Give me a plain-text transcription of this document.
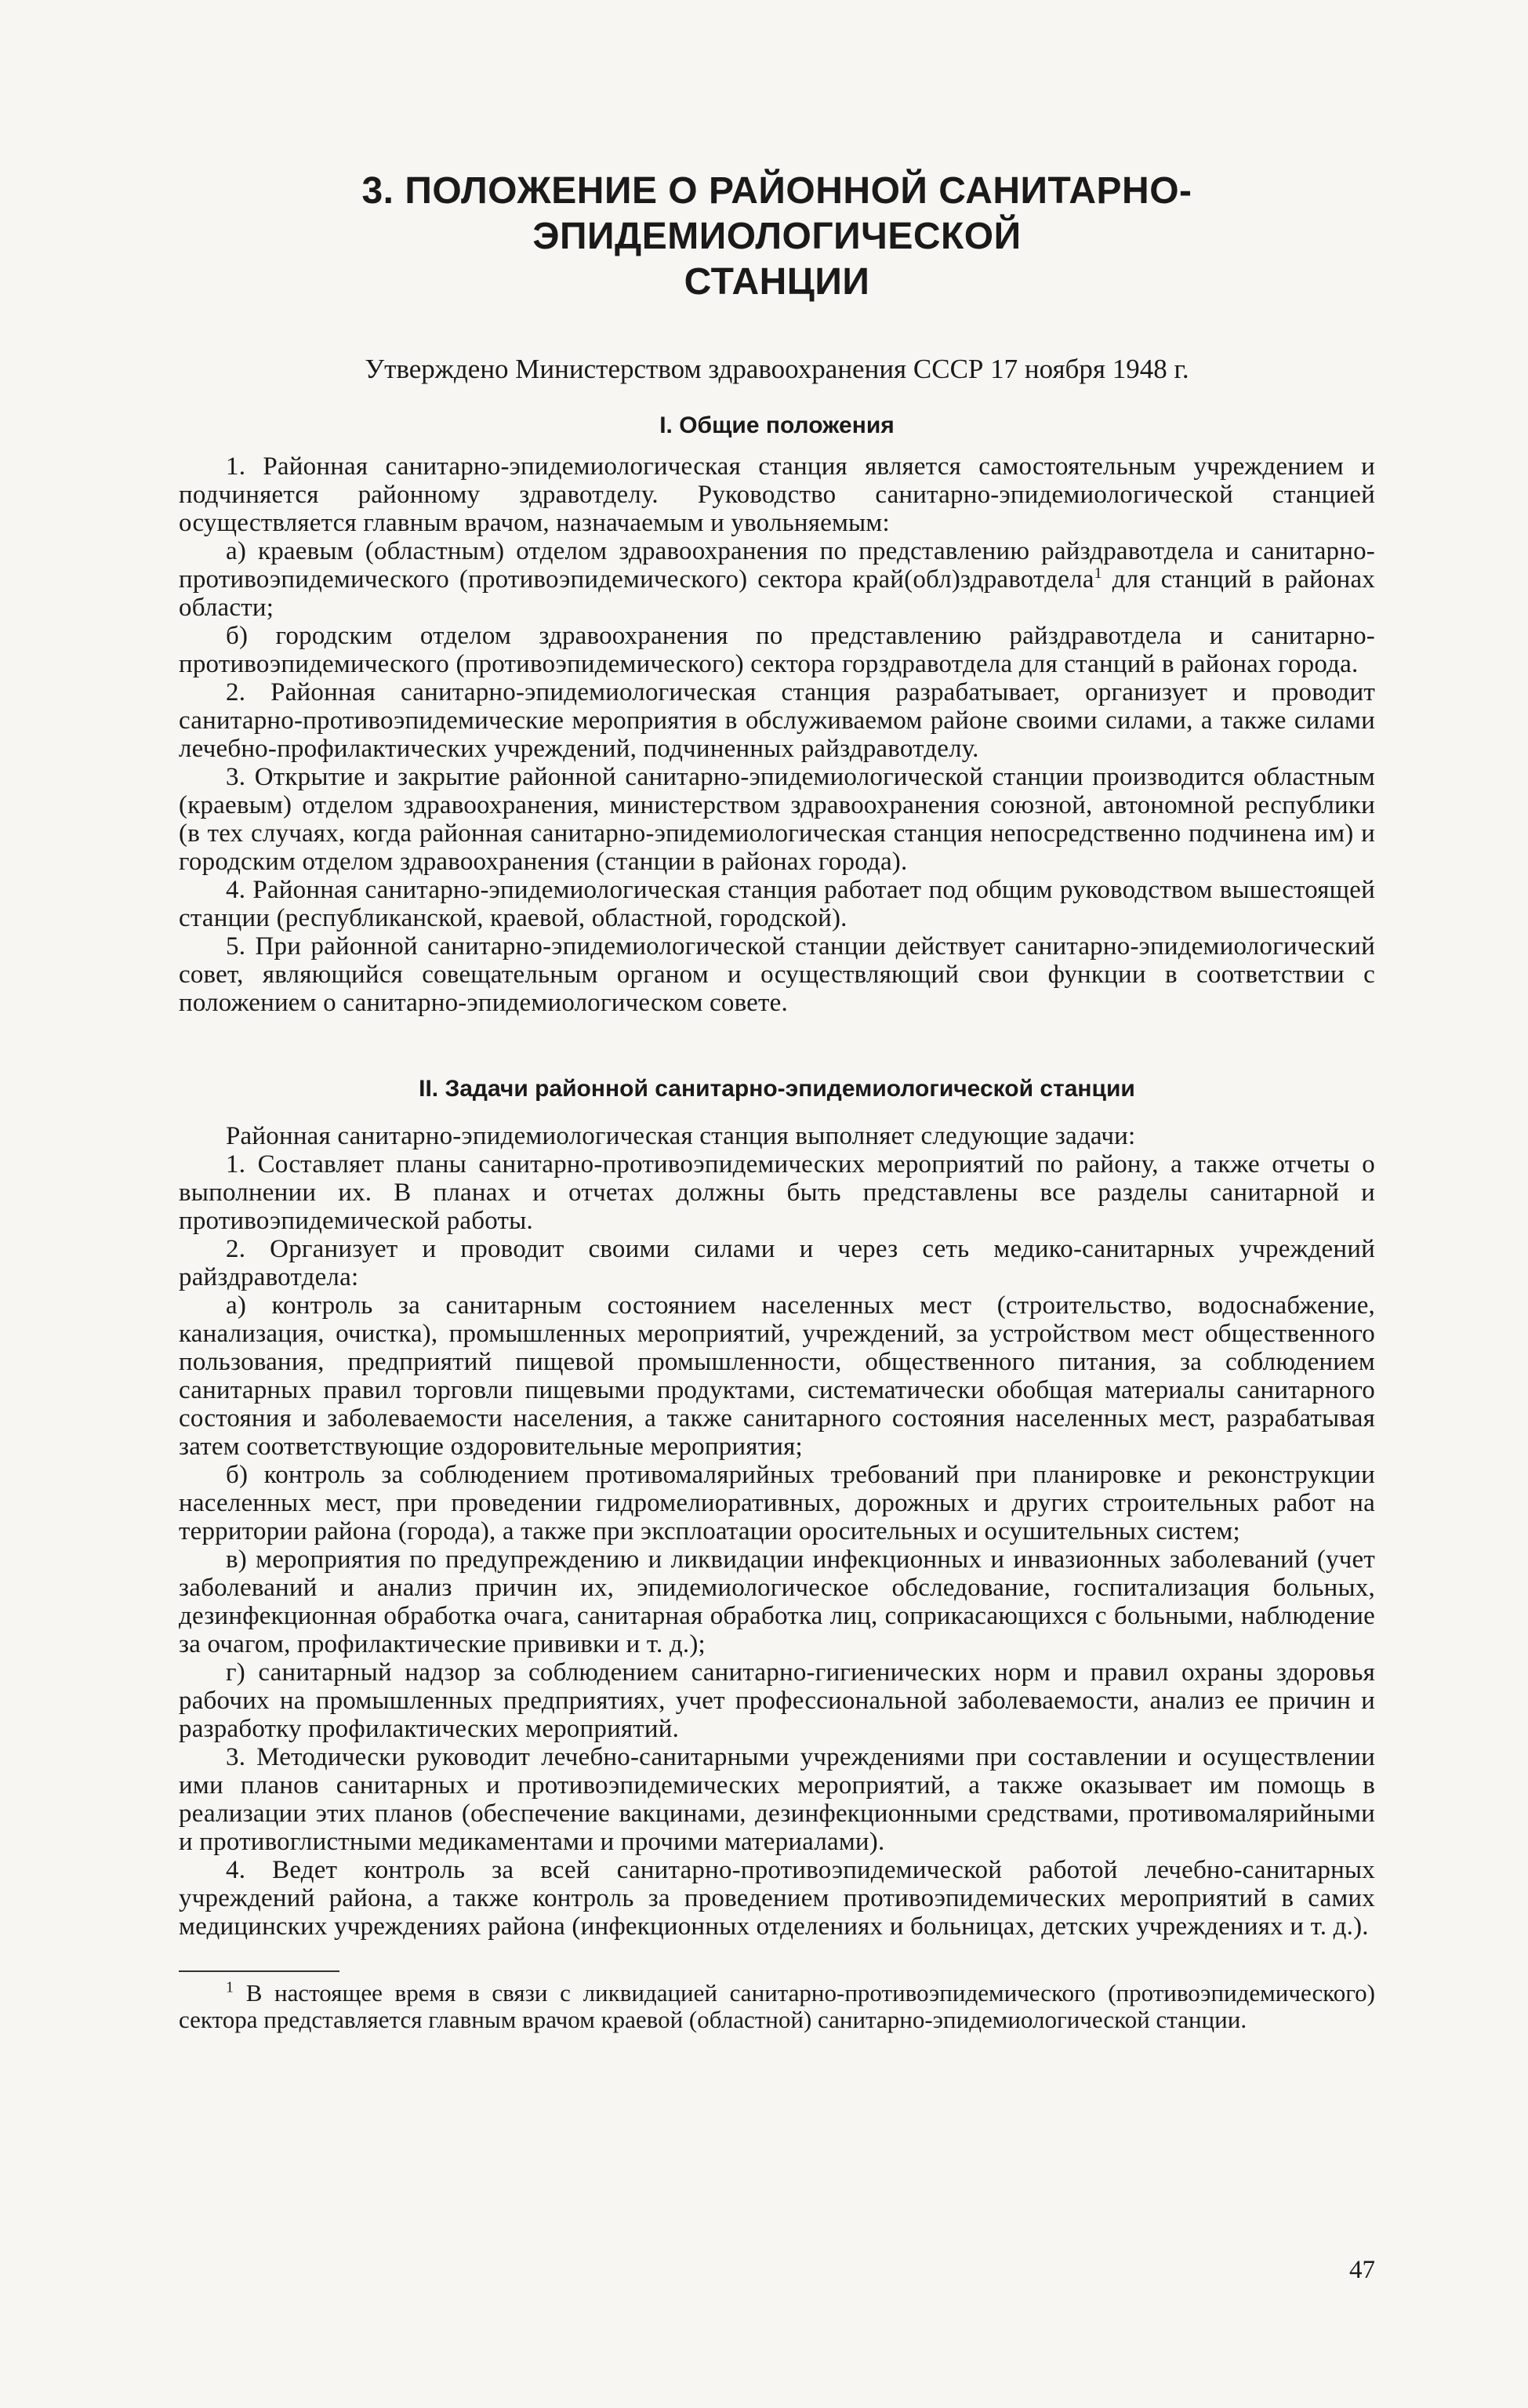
3. ПОЛОЖЕНИЕ О РАЙОННОЙ САНИТАРНО-ЭПИДЕМИОЛОГИЧЕСКОЙ
СТАНЦИИ

Утверждено Министерством здравоохранения СССР 17 ноября 1948 г.

I. Общие положения

1. Районная санитарно-эпидемиологическая станция является самостоятельным учреждением и подчиняется районному здравотделу. Руководство санитарно-эпидемиологической станцией осуществляется главным врачом, назначаемым и увольняемым:

а) краевым (областным) отделом здравоохранения по представлению райздравотдела и санитарно-противоэпидемического (противоэпидемического) сектора край(обл)здравотдела$^1$ для станций в районах области;

б) городским отделом здравоохранения по представлению райздравотдела и санитарно-противоэпидемического (противоэпидемического) сектора горздравотдела для станций в районах города.

2. Районная санитарно-эпидемиологическая станция разрабатывает, организует и проводит санитарно-противоэпидемические мероприятия в обслуживаемом районе своими силами, а также силами лечебно-профилактических учреждений, подчиненных райздравотделу.

3. Открытие и закрытие районной санитарно-эпидемиологической станции производится областным (краевым) отделом здравоохранения, министерством здравоохранения союзной, автономной республики (в тех случаях, когда районная санитарно-эпидемиологическая станция непосредственно подчинена им) и городским отделом здравоохранения (станции в районах города).

4. Районная санитарно-эпидемиологическая станция работает под общим руководством вышестоящей станции (республиканской, краевой, областной, городской).

5. При районной санитарно-эпидемиологической станции действует санитарно-эпидемиологический совет, являющийся совещательным органом и осуществляющий свои функции в соответствии с положением о санитарно-эпидемиологическом совете.

II. Задачи районной санитарно-эпидемиологической станции

Районная санитарно-эпидемиологическая станция выполняет следующие задачи:

1. Составляет планы санитарно-противоэпидемических мероприятий по району, а также отчеты о выполнении их. В планах и отчетах должны быть представлены все разделы санитарной и противоэпидемической работы.

2. Организует и проводит своими силами и через сеть медико-санитарных учреждений райздравотдела:

а) контроль за санитарным состоянием населенных мест (строительство, водоснабжение, канализация, очистка), промышленных мероприятий, учреждений, за устройством мест общественного пользования, предприятий пищевой промышленности, общественного питания, за соблюдением санитарных правил торговли пищевыми продуктами, систематически обобщая материалы санитарного состояния и заболеваемости населения, а также санитарного состояния населенных мест, разрабатывая затем соответствующие оздоровительные мероприятия;

б) контроль за соблюдением противомалярийных требований при планировке и реконструкции населенных мест, при проведении гидромелиоративных, дорожных и других строительных работ на территории района (города), а также при эксплоатации оросительных и осушительных систем;

в) мероприятия по предупреждению и ликвидации инфекционных и инвазионных заболеваний (учет заболеваний и анализ причин их, эпидемиологическое обследование, госпитализация больных, дезинфекционная обработка очага, санитарная обработка лиц, соприкасающихся с больными, наблюдение за очагом, профилактические прививки и т. д.);

г) санитарный надзор за соблюдением санитарно-гигиенических норм и правил охраны здоровья рабочих на промышленных предприятиях, учет профессиональной заболеваемости, анализ ее причин и разработку профилактических мероприятий.

3. Методически руководит лечебно-санитарными учреждениями при составлении и осуществлении ими планов санитарных и противоэпидемических мероприятий, а также оказывает им помощь в реализации этих планов (обеспечение вакцинами, дезинфекционными средствами, противомалярийными и противоглистными медикаментами и прочими материалами).

4. Ведет контроль за всей санитарно-противоэпидемической работой лечебно-санитарных учреждений района, а также контроль за проведением противоэпидемических мероприятий в самих медицинских учреждениях района (инфекционных отделениях и больницах, детских учреждениях и т. д.).

$^1$ В настоящее время в связи с ликвидацией санитарно-противоэпидемического (противоэпидемического) сектора представляется главным врачом краевой (областной) санитарно-эпидемиологической станции.

47
